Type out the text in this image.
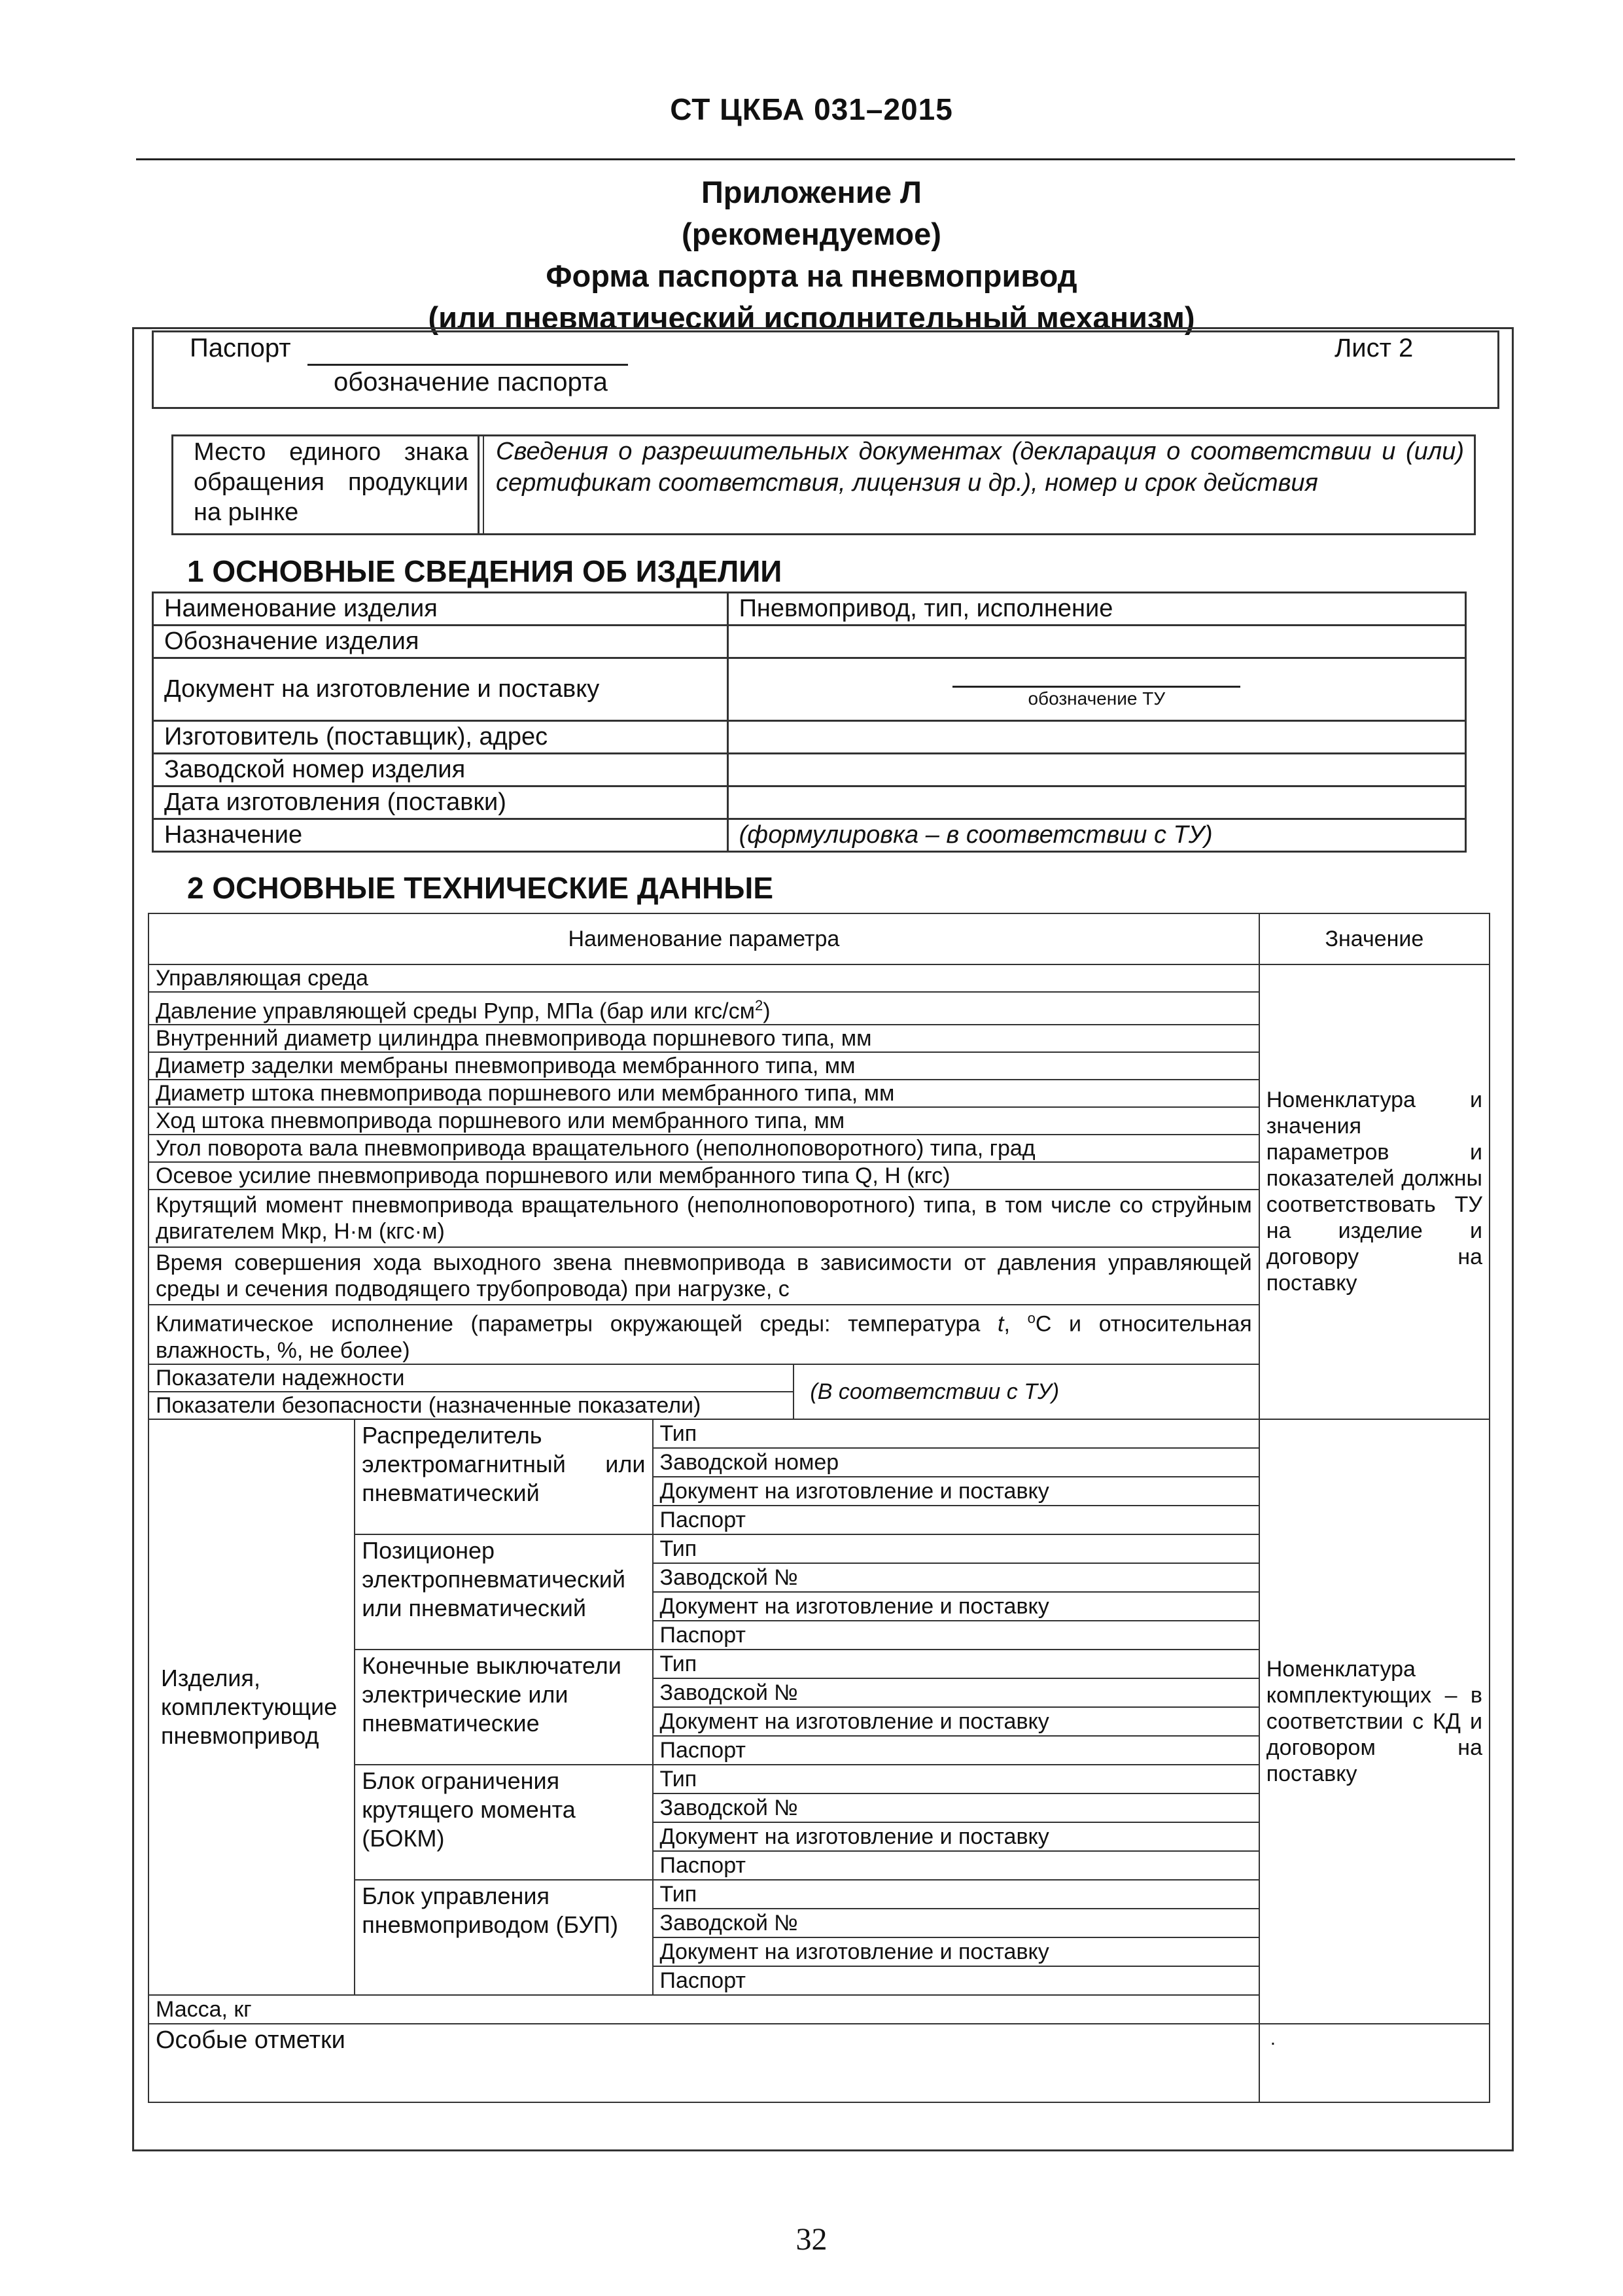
СТ ЦКБА 031–2015
Приложение Л
(рекомендуемое)
Форма паспорта на пневмопривод
(или пневматический исполнительный механизм)
Паспорт
обозначение паспорта
Лист 2
Место единого знака обращения продукции на рынке
Сведения о разрешительных документах (декларация о соответствии и (или) сертификат соответствия, лицензия и др.), номер и срок действия
1 ОСНОВНЫЕ СВЕДЕНИЯ ОБ ИЗДЕЛИИ
Наименование изделия	Пневмопривод, тип, исполнение
Обозначение изделия	
Документ на изготовление и поставку	обозначение ТУ

Изготовитель (поставщик), адрес	
Заводской номер изделия	
Дата изготовления (поставки)	
Назначение	(формулировка – в соответствии с ТУ)
2 ОСНОВНЫЕ ТЕХНИЧЕСКИЕ ДАННЫЕ
Наименование параметра				Значение
Управляющая среда				Номенклатура и значения параметров и показателей должны соответствовать ТУ на изделие и договору на поставку
Давление управляющей среды Рупр, МПа (бар или кгс/$см^2$)				
Внутренний диаметр цилиндра пневмопривода поршневого типа, мм				
Диаметр заделки мембраны пневмопривода мембранного типа, мм				
Диаметр штока пневмопривода поршневого или мембранного типа, мм				
Ход штока пневмопривода поршневого или мембранного типа, мм				
Угол поворота вала пневмопривода вращательного (неполноповоротного) типа, град				
Осевое усилие пневмопривода поршневого или мембранного типа Q, Н (кгс)				
Крутящий момент пневмопривода вращательного (неполноповоротного) типа, в том числе со струйным двигателем Мкр, Н·м (кгс·м)				
Время совершения хода выходного звена пневмопривода в зависимости от давления управляющей среды и сечения подводящего трубопровода) при нагрузке, с				
Климатическое исполнение (параметры окружающей среды: температура t, $^о$С и относительная влажность, %, не более)				
Показатели надежности			(В соответствии с ТУ)	
Показатели безопасности (назначенные показатели)				
Изделия, комплектующие пневмопривод	Распределитель электромагнитный или пневматический	Тип		Номенклатура комплектующих – в соответствии с КД и договором на поставку
		Заводской номер		
		Документ на изготовление и поставку		
		Паспорт		
	Позиционер электропневматический или пневматический	Тип		
		Заводской №		
		Документ на изготовление и поставку		
		Паспорт		
	Конечные выключатели электрические или пневматические	Тип		
		Заводской №		
		Документ на изготовление и поставку		
		Паспорт		
	Блок ограничения крутящего момента (БОКМ)	Тип		
		Заводской №		
		Документ на изготовление и поставку		
		Паспорт		
	Блок управления пневмоприводом (БУП)	Тип		
		Заводской №		
		Документ на изготовление и поставку		
		Паспорт		
Масса, кг				
Особые отметки				.
32
